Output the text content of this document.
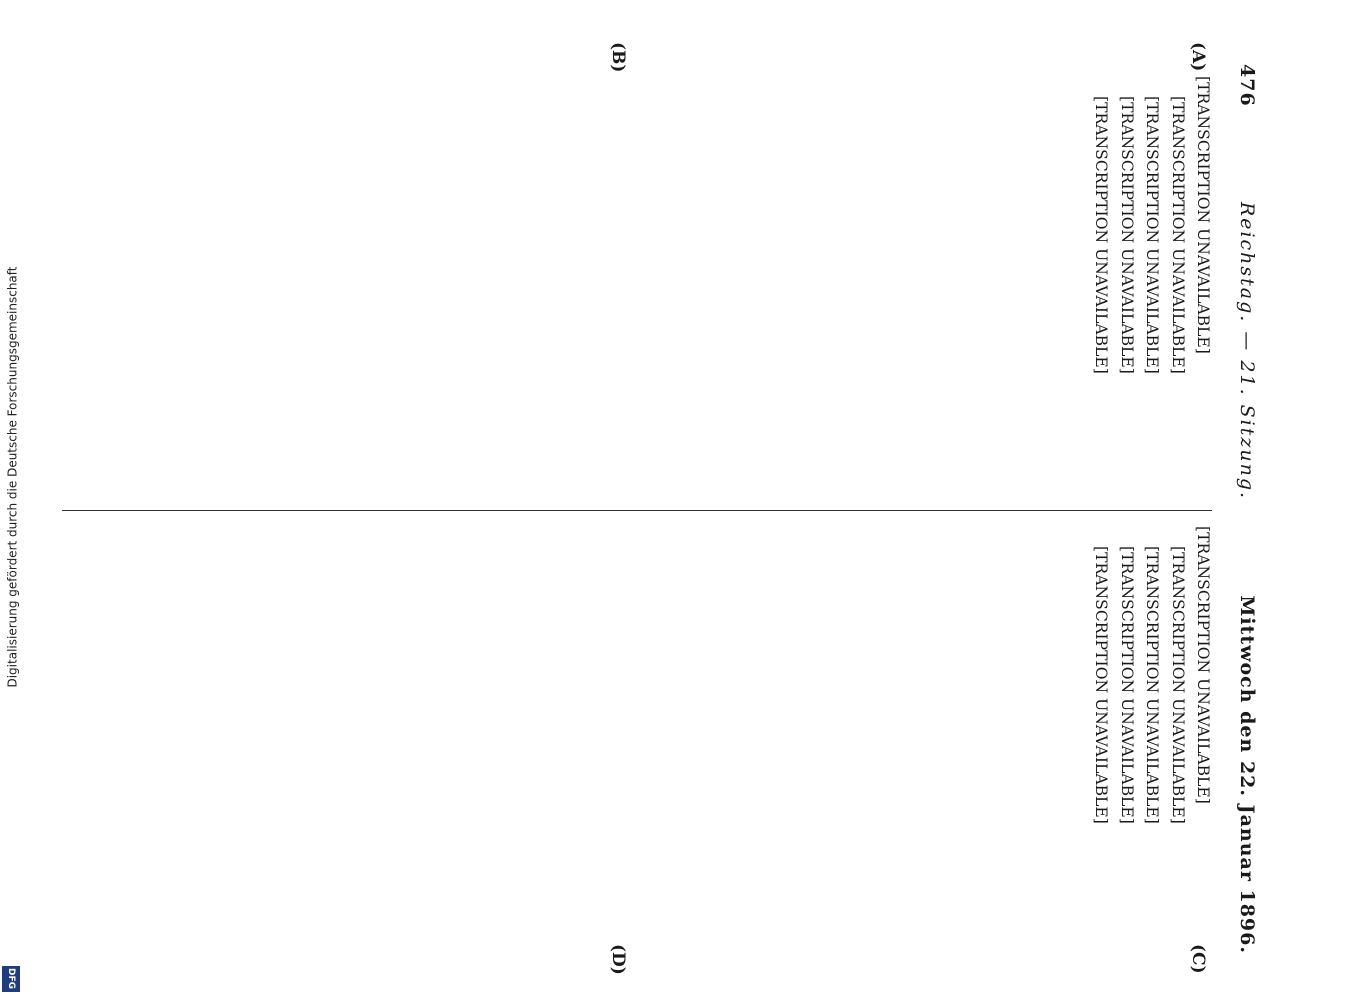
Digitalisierung gefördert durch die Deutsche Forschungsgemeinschaft
DFG
476
Reichstag. — 21. Sitzung.
Mittwoch den 22. Januar 1896.
(A)
(B)
(C)
(D)

[TRANSCRIPTION UNAVAILABLE]

[TRANSCRIPTION UNAVAILABLE]

[TRANSCRIPTION UNAVAILABLE]

[TRANSCRIPTION UNAVAILABLE]

[TRANSCRIPTION UNAVAILABLE]

[TRANSCRIPTION UNAVAILABLE]

[TRANSCRIPTION UNAVAILABLE]

[TRANSCRIPTION UNAVAILABLE]

[TRANSCRIPTION UNAVAILABLE]

[TRANSCRIPTION UNAVAILABLE]
